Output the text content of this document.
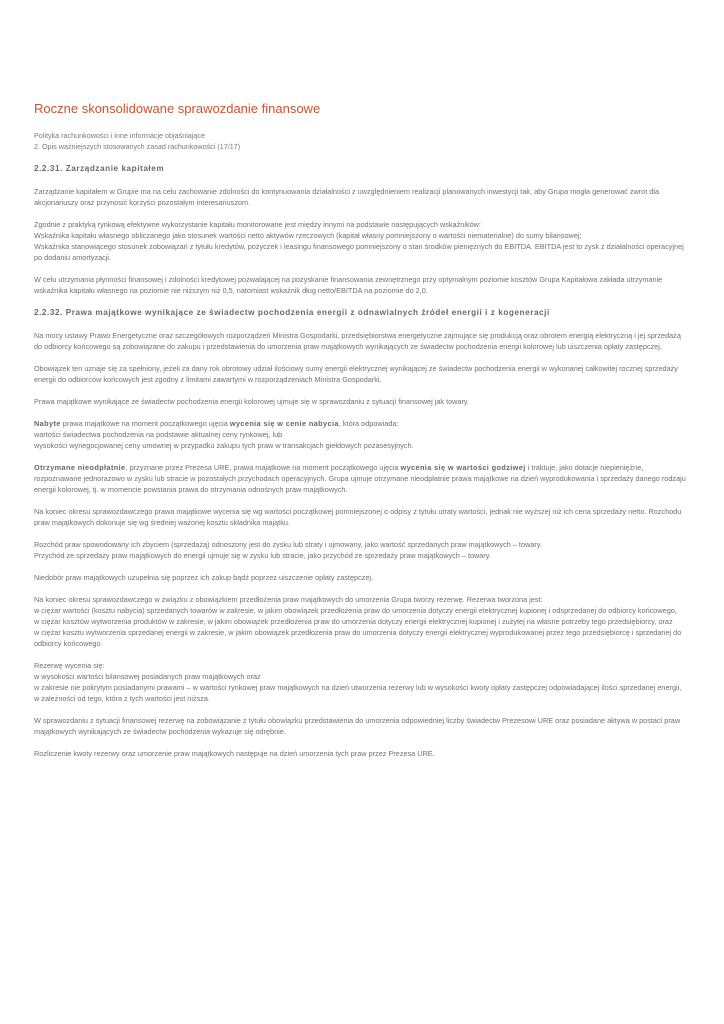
Roczne skonsolidowane sprawozdanie finansowe
Polityka rachunkowości i inne informacje objaśniające
2. Opis ważniejszych stosowanych zasad rachunkowości (17/17)
2.2.31. Zarządzanie kapitałem

Zarządzanie kapitałem w Grupie ma na celu zachowanie zdolności do kontynuowania działalności z uwzględnieniem realizacji planowanych inwestycji tak, aby Grupa mogła generować zwrot dla akcjonariuszy oraz przynosić korzyści pozostałym interesariuszom.

Zgodnie z praktyką rynkową efektywne wykorzystanie kapitału monitorowane jest między innymi na podstawie następujących wskaźników:
Wskaźnika kapitału własnego obliczanego jako stosunek wartości netto aktywów rzeczowych (kapitał własny pomniejszony o wartości niematerialne) do sumy bilansowej;
Wskaźnika stanowiącego stosunek zobowiązań z tytułu kredytów, pożyczek i leasingu finansowego pomniejszony o stan środków pieniężnych do EBITDA. EBITDA jest to zysk z działalności operacyjnej po dodaniu amortyzacji.

W celu utrzymania płynności finansowej i zdolności kredytowej pozwalającej na pozyskanie finansowania zewnętrznego przy optymalnym poziomie kosztów Grupa Kapitałowa zakłada utrzymanie wskaźnika kapitału własnego na poziomie nie niższym niż 0,5, natomiast wskaźnik dług netto/EBITDA na poziomie do 2,0.

2.2.32. Prawa majątkowe wynikające ze świadectw pochodzenia energii z odnawialnych źródeł energii i z kogeneracji

Na mocy ustawy Prawo Energetyczne oraz szczegółowych rozporządzeń Ministra Gospodarki, przedsiębiorstwa energetyczne zajmujące się produkcją oraz obrotem energią elektryczną i jej sprzedażą do odbiorcy końcowego są zobowiązane do zakupu i przedstawienia do umorzenia praw majątkowych wynikających ze świadectw pochodzenia energii kolorowej lub uiszczenia opłaty zastępczej.

Obowiązek ten uznaje się za spełniony, jeżeli za dany rok obrotowy udział ilościowy sumy energii elektrycznej wynikającej ze świadectw pochodzenia energii w wykonanej całkowitej rocznej sprzedaży energii do odbiorców końcowych jest zgodny z limitami zawartymi w rozporządzeniach Ministra Gospodarki.

Prawa majątkowe wynikające ze świadectw pochodzenia energii kolorowej ujmuje się w sprawozdaniu z sytuacji finansowej jak towary.

Nabyte prawa majątkowe na moment początkowego ujęcia wycenia się w cenie nabycia, która odpowiada:
wartości świadectwa pochodzenia na podstawie aktualnej ceny rynkowej, lub
wysokości wynegocjowanej ceny umownej w przypadku zakupu tych praw w transakcjach giełdowych pozasesyjnych.

Otrzymane nieodpłatnie, przyznane przez Prezesa URE, prawa majątkowe na moment początkowego ujęcia wycenia się w wartości godziwej i traktuje, jako dotacje niepieniężne, rozpoznawane jednorazowo w zysku lub stracie w pozostałych przychodach operacyjnych. Grupa ujmuje otrzymane nieodpłatnie prawa majątkowe na dzień wyprodukowania i sprzedaży danego rodzaju energii kolorowej, tj. w momencie powstania prawa do otrzymania odnośnych praw majątkowych.

Na koniec okresu sprawozdawczego prawa majątkowe wycenia się wg wartości początkowej pomniejszonej o odpisy z tytułu utraty wartości, jednak nie wyższej niż ich cena sprzedaży netto. Rozchodu praw majątkowych dokonuje się wg średniej ważonej kosztu składnika majątku.

Rozchód praw spowodowany ich zbyciem (sprzedażą) odnoszony jest do zysku lub straty i ujmowany, jako wartość sprzedanych praw majątkowych – towary.
Przychód ze sprzedaży praw majątkowych do energii ujmuje się w zysku lub stracie, jako przychód ze sprzedaży praw majątkowych – towary.

Niedobór praw majątkowych uzupełnia się poprzez ich zakup bądź poprzez uiszczenie opłaty zastępczej.

Na koniec okresu sprawozdawczego w związku z obowiązkiem przedłożenia praw majątkowych do umorzenia Grupa tworzy rezerwę. Rezerwa tworzona jest:
w ciężar wartości (kosztu nabycia) sprzedanych towarów w zakresie, w jakim obowiązek przedłożenia praw do umorzenia dotyczy energii elektrycznej kupionej i odsprzedanej do odbiorcy końcowego,
w ciężar kosztów wytworzenia produktów w zakresie, w jakim obowiązek przedłożenia praw do umorzenia dotyczy energii elektrycznej kupionej i zużytej na własne potrzeby tego przedsiębiorcy, oraz
w ciężar kosztu wytworzenia sprzedanej energii w zakresie, w jakim obowiązek przedłożenia praw do umorzenia dotyczy energii elektrycznej wyprodukowanej przez tego przedsiębiorcę i sprzedanej do odbiorcy końcowego.

Rezerwę wycenia się:
w wysokości wartości bilansowej posiadanych praw majątkowych oraz
w zakresie nie pokrytym posiadanymi prawami – w wartości rynkowej praw majątkowych na dzień utworzenia rezerwy lub w wysokości kwoty opłaty zastępczej odpowiadającej ilości sprzedanej energii, w zależności od tego, która z tych wartości jest niższa.

W sprawozdaniu z sytuacji finansowej rezerwę na zobowiązanie z tytułu obowiązku przedstawienia do umorzenia odpowiedniej liczby świadectw Prezesowi URE oraz posiadane aktywa w postaci praw majątkowych wynikających ze świadectw pochodzenia wykazuje się odrębnie.

Rozliczenie kwoty rezerwy oraz umorzenie praw majątkowych następuje na dzień umorzenia tych praw przez Prezesa URE.
